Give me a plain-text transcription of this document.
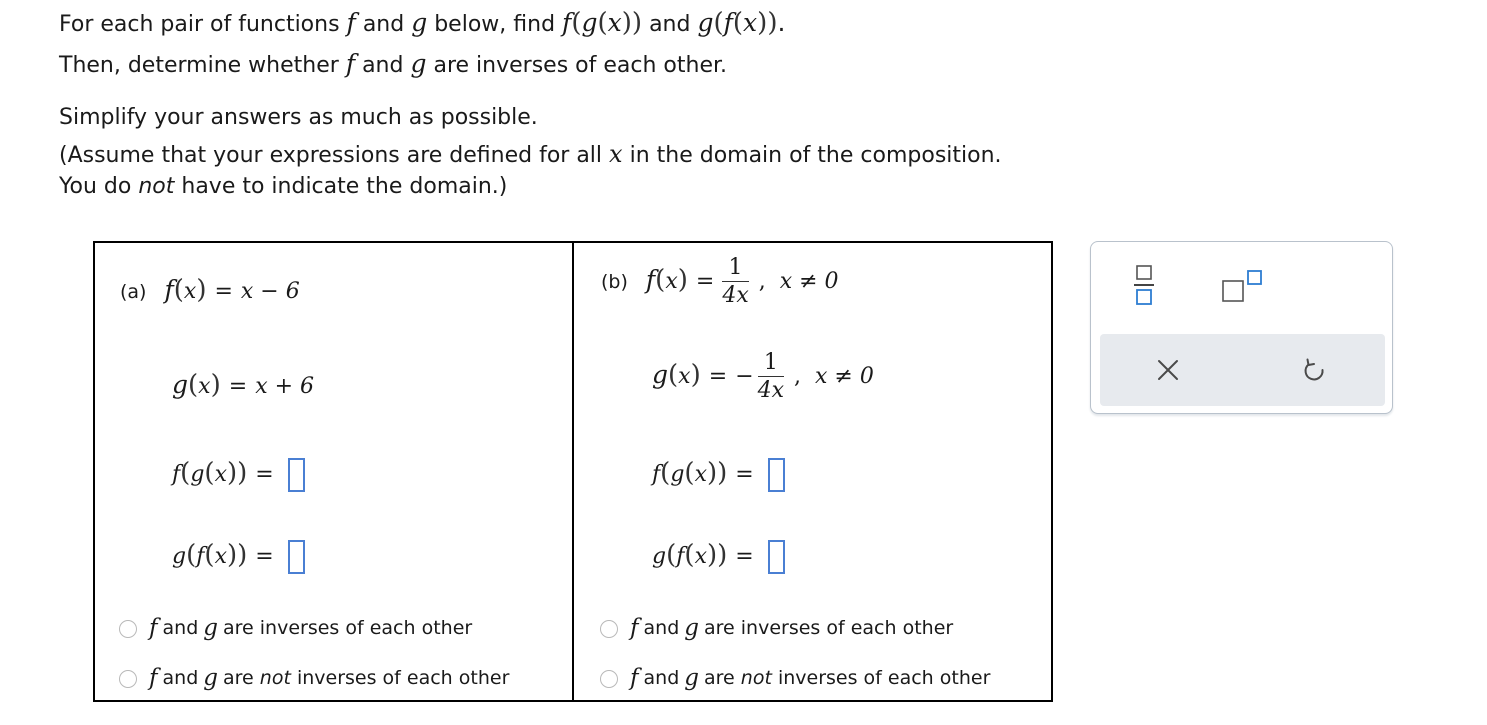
For each pair of functions f and g below, find f(g(x)) and g(f(x)).
Then, determine whether f and g are inverses of each other.
Simplify your answers as much as possible.
(Assume that your expressions are defined for all x in the domain of the composition.
You do not have to indicate the domain.)
(a) f(x) = x − 6
g(x) = x + 6
f(g(x)) =
g(f(x)) =
f and g are inverses of each other
f and g are
not
inverses of each other
(b) $f(x) = \frac{1}{4x}$ , x ≠ 0
g(x) = − $\frac{1}{4x}$ , x ≠ 0
f(g(x)) =
g(f(x)) =
f and g are inverses of each other
f and g are
not
inverses of each other
